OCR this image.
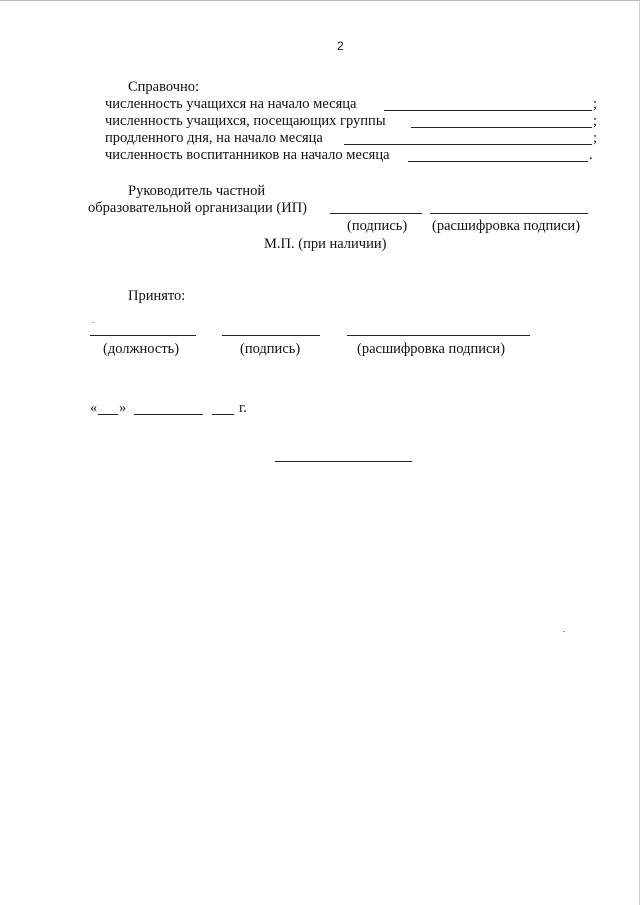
2
Справочно:
численность учащихся на начало месяца	;
численность учащихся, посещающих группы	;
продленного дня, на начало месяца	;
численность воспитанников на начало месяца	.
Руководитель частной
образовательной организации (ИП)
(подпись) (расшифровка подписи)
М.П. (при наличии)
Принято:
(должность)	(подпись)	(расшифровка подписи)
« »	г.
